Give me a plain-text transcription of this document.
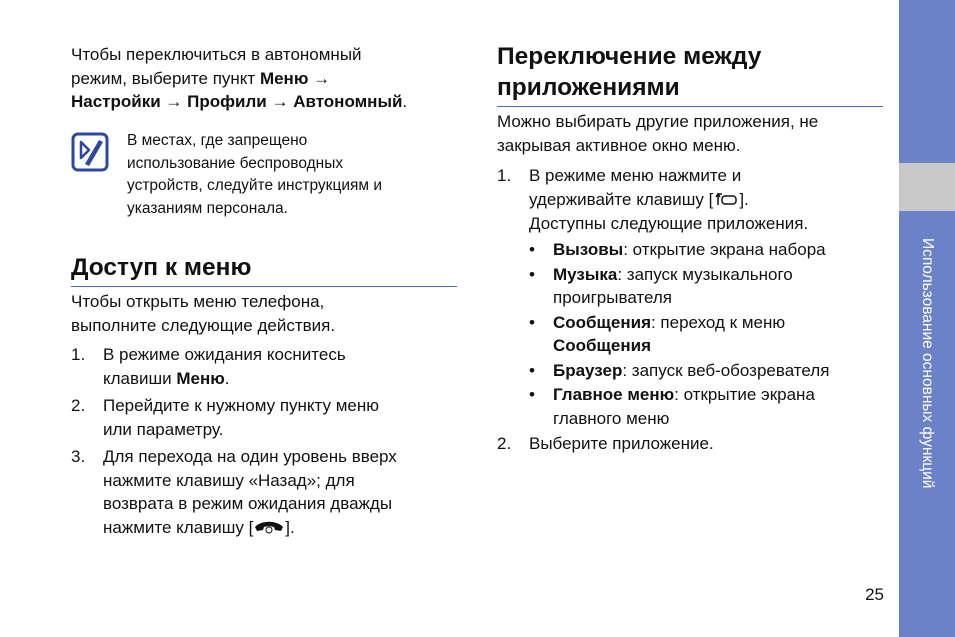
Чтобы переключиться в автономный

режим, выберите пункт Меню →

Настройки → Профили → Автономный.

В местах, где запрещено
использование беспроводных
устройств, следуйте инструкциям и
указаниям персонала.
Доступ к меню

Чтобы открыть меню телефона,

выполните следующие действия.

1. В режиме ожидания коснитесь

клавиши Меню.

2. Перейдите к нужному пункту меню

или параметру.

3. Для перехода на один уровень вверх

нажмите клавишу «Назад»; для

возврата в режим ожидания дважды

нажмите клавишу [ ].

Переключение между
приложениями

Можно выбирать другие приложения, не

закрывая активное окно меню.

1. В режиме меню нажмите и

удерживайте клавишу [ ].

Доступны следующие приложения.

• Вызовы: открытие экрана набора

• Музыка: запуск музыкального

проигрывателя

• Сообщения: переход к меню

Сообщения

• Браузер: запуск веб-обозревателя

• Главное меню: открытие экрана

главного меню

2. Выберите приложение.	Использование основных функций
25
